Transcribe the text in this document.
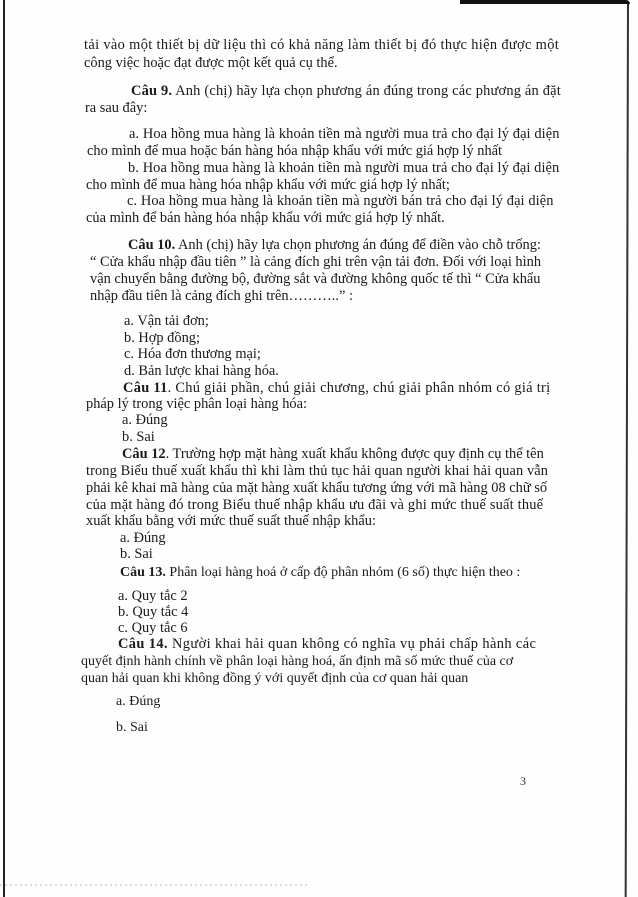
tải vào một thiết bị dữ liệu thì có khả năng làm thiết bị đó thực hiện được một
công việc hoặc đạt được một kết quả cụ thể.
Câu 9. Anh (chị) hãy lựa chọn phương án đúng trong các phương án đặt
ra sau đây:
a. Hoa hồng mua hàng là khoản tiền mà người mua trả cho đại lý đại diện
cho mình để mua hoặc bán hàng hóa nhập khẩu với mức giá hợp lý nhất
b. Hoa hồng mua hàng là khoản tiền mà người mua trả cho đại lý đại diện
cho mình để mua hàng hóa nhập khẩu với mức giá hợp lý nhất;
c. Hoa hồng mua hàng là khoản tiền mà người bán trả cho đại lý đại diện
của mình để bán hàng hóa nhập khẩu với mức giá hợp lý nhất.
Câu 10. Anh (chị) hãy lựa chọn phương án đúng để điền vào chỗ trống:
“ Cửa khẩu nhập đầu tiên ” là cảng đích ghi trên vận tải đơn. Đối với loại hình
vận chuyển bằng đường bộ, đường sắt và đường không quốc tế thì “ Cửa khẩu
nhập đầu tiên là cảng đích ghi trên………..” :
a. Vận tải đơn;
b. Hợp đồng;
c. Hóa đơn thương mại;
d. Bản lược khai hàng hóa.
Câu 11. Chú giải phần, chú giải chương, chú giải phân nhóm có giá trị
pháp lý trong việc phân loại hàng hóa:
a. Đúng
b. Sai
Câu 12. Trường hợp mặt hàng xuất khẩu không được quy định cụ thể tên
trong Biểu thuế xuất khẩu thì khi làm thủ tục hải quan người khai hải quan vẫn
phải kê khai mã hàng của mặt hàng xuất khẩu tương ứng với mã hàng 08 chữ số
của mặt hàng đó trong Biểu thuế nhập khẩu ưu đãi và ghi mức thuế suất thuế
xuất khẩu bằng với mức thuế suất thuế nhập khẩu:
a. Đúng
b. Sai
Câu 13. Phân loại hàng hoá ở cấp độ phân nhóm (6 số) thực hiện theo :
a. Quy tắc 2
b. Quy tắc 4
c. Quy tắc 6
Câu 14. Người khai hải quan không có nghĩa vụ phải chấp hành các
quyết định hành chính về phân loại hàng hoá, ấn định mã số mức thuế của cơ
quan hải quan khi không đồng ý với quyết định của cơ quan hải quan
a. Đúng
b. Sai
3
